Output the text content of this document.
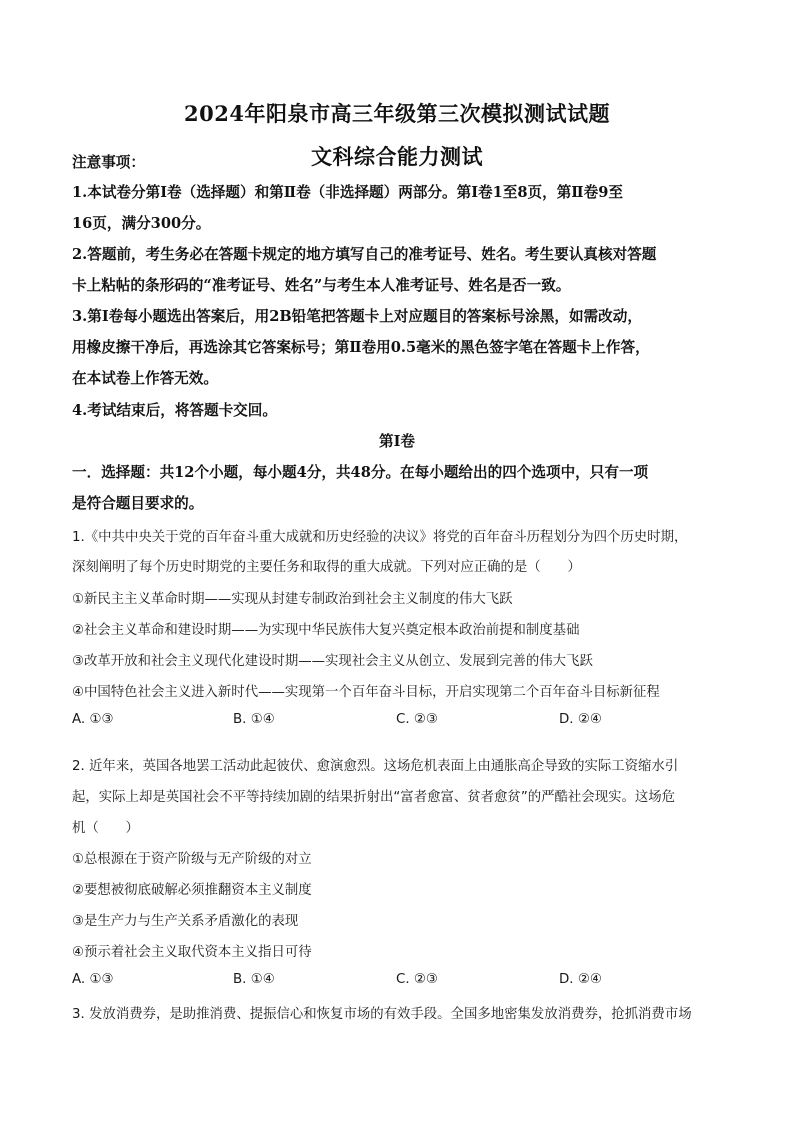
2024年阳泉市高三年级第三次模拟测试试题
文科综合能力测试
注意事项：
1.本试卷分第Ⅰ卷（选择题）和第Ⅱ卷（非选择题）两部分。第Ⅰ卷1至8页，第Ⅱ卷9至
16页，满分300分。
2.答题前，考生务必在答题卡规定的地方填写自己的准考证号、姓名。考生要认真核对答题
卡上粘帖的条形码的“准考证号、姓名”与考生本人准考证号、姓名是否一致。
3.第Ⅰ卷每小题选出答案后，用2B铅笔把答题卡上对应题目的答案标号涂黑，如需改动，
用橡皮擦干净后，再选涂其它答案标号；第Ⅱ卷用0.5毫米的黑色签字笔在答题卡上作答，
在本试卷上作答无效。
4.考试结束后，将答题卡交回。
第Ⅰ卷
一．选择题：共12个小题，每小题4分，共48分。在每小题给出的四个选项中，只有一项
是符合题目要求的。
1.《中共中央关于党的百年奋斗重大成就和历史经验的决议》将党的百年奋斗历程划分为四个历史时期，
深刻阐明了每个历史时期党的主要任务和取得的重大成就。下列对应正确的是（　　）
①新民主主义革命时期——实现从封建专制政治到社会主义制度的伟大飞跃
②社会主义革命和建设时期——为实现中华民族伟大复兴奠定根本政治前提和制度基础
③改革开放和社会主义现代化建设时期——实现社会主义从创立、发展到完善的伟大飞跃
④中国特色社会主义进入新时代——实现第一个百年奋斗目标，开启实现第二个百年奋斗目标新征程
A. ①③	B. ①④	C. ②③	D. ②④
2. 近年来，英国各地罢工活动此起彼伏、愈演愈烈。这场危机表面上由通胀高企导致的实际工资缩水引
起，实际上却是英国社会不平等持续加剧的结果折射出“富者愈富、贫者愈贫”的严酷社会现实。这场危
机（　　）
①总根源在于资产阶级与无产阶级的对立
②要想被彻底破解必须推翻资本主义制度
③是生产力与生产关系矛盾激化的表现
④预示着社会主义取代资本主义指日可待
A. ①③	B. ①④	C. ②③	D. ②④
3. 发放消费券，是助推消费、提振信心和恢复市场的有效手段。全国多地密集发放消费券，抢抓消费市场
